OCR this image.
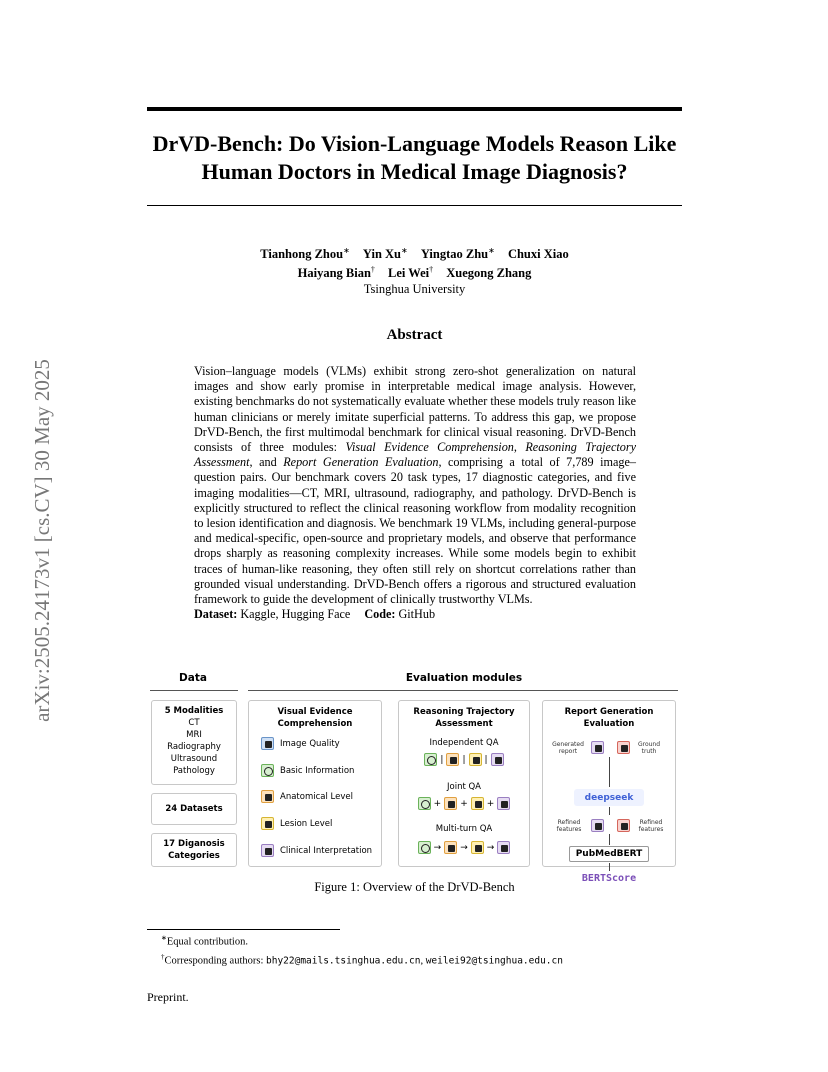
arXiv:2505.24173v1 [cs.CV] 30 May 2025
DrVD-Bench: Do Vision-Language Models Reason Like Human Doctors in Medical Image Diagnosis?
Tianhong Zhou∗ Yin Xu∗ Yingtao Zhu∗ Chuxi Xiao
Haiyang Bian† Lei Wei† Xuegong Zhang
Tsinghua University
Abstract
Vision–language models (VLMs) exhibit strong zero-shot generalization on natural images and show early promise in interpretable medical image analysis. However, existing benchmarks do not systematically evaluate whether these models truly reason like human clinicians or merely imitate superficial patterns. To address this gap, we propose DrVD-Bench, the first multimodal benchmark for clinical visual reasoning. DrVD-Bench consists of three modules: Visual Evidence Comprehension, Reasoning Trajectory Assessment, and Report Generation Evaluation, comprising a total of 7,789 image–question pairs. Our benchmark covers 20 task types, 17 diagnostic categories, and five imaging modalities—CT, MRI, ultrasound, radiography, and pathology. DrVD-Bench is explicitly structured to reflect the clinical reasoning workflow from modality recognition to lesion identification and diagnosis. We benchmark 19 VLMs, including general-purpose and medical-specific, open-source and proprietary models, and observe that performance drops sharply as reasoning complexity increases. While some models begin to exhibit traces of human-like reasoning, they often still rely on shortcut correlations rather than grounded visual understanding. DrVD-Bench offers a rigorous and structured evaluation framework to guide the development of clinically trustworthy VLMs.
Dataset: Kaggle, Hugging Face Code: GitHub
Data	Evaluation modules
5 Modalities
CT
MRI
Radiography
Ultrasound
Pathology
24 Datasets
17 Diganosis
Categories
Visual Evidence
Comprehension
Image Quality
Basic Information
Anatomical Level
Lesion Level
Clinical Interpretation
Reasoning Trajectory
Assessment
Independent QA
|
|
|
Joint QA
+
+
+
Multi-turn QA
→
→
→
Report Generation
Evaluation
Generated
report
Ground
truth
deepseek
Refined
features
Refined
features
PubMedBERT
BERTScore
Figure 1: Overview of the DrVD-Bench
∗Equal contribution.
†Corresponding authors: bhy22@mails.tsinghua.edu.cn, weilei92@tsinghua.edu.cn
Preprint.
